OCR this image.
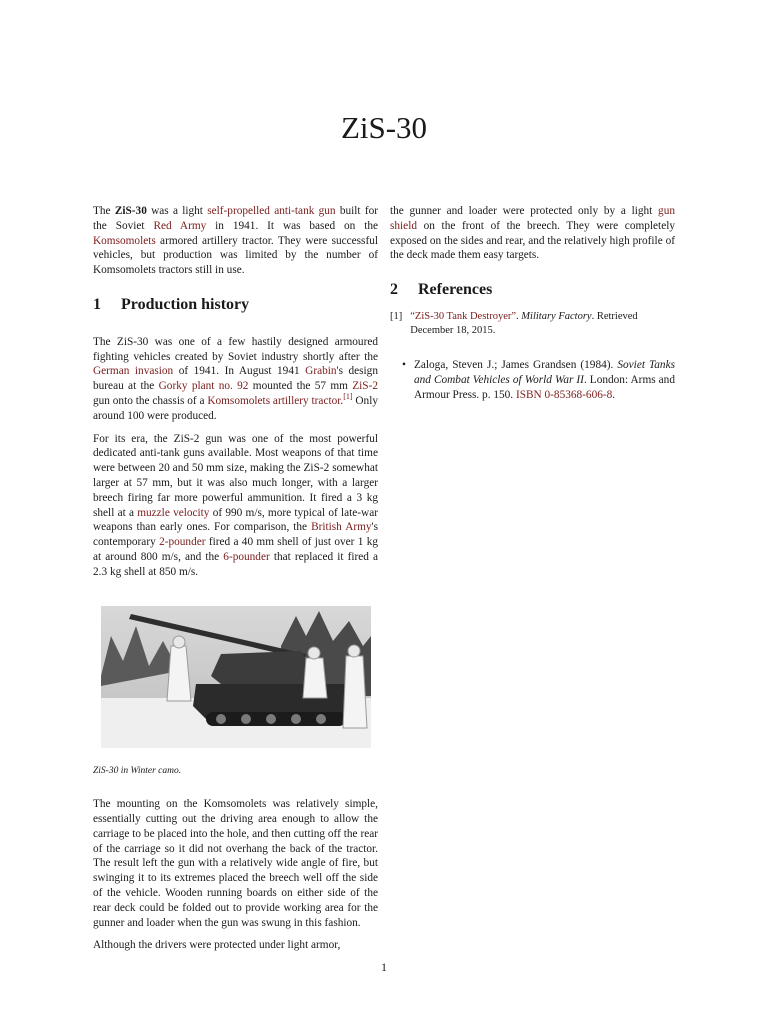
ZiS-30

The ZiS-30 was a light self-propelled anti-tank gun built for the Soviet Red Army in 1941. It was based on the Komsomolets armored artillery tractor. They were successful vehicles, but production was limited by the number of Komsomolets tractors still in use.

1 Production history

The ZiS-30 was one of a few hastily designed armoured fighting vehicles created by Soviet industry shortly after the German invasion of 1941. In August 1941 Grabin's design bureau at the Gorky plant no. 92 mounted the 57 mm ZiS-2 gun onto the chassis of a Komsomolets artillery tractor.[1] Only around 100 were produced.

For its era, the ZiS-2 gun was one of the most powerful dedicated anti-tank guns available. Most weapons of that time were between 20 and 50 mm size, making the ZiS-2 somewhat larger at 57 mm, but it was also much longer, with a larger breech firing far more powerful ammunition. It fired a 3 kg shell at a muzzle velocity of 990 m/s, more typical of late-war weapons than early ones. For comparison, the British Army's contemporary 2-pounder fired a 40 mm shell of just over 1 kg at around 800 m/s, and the 6-pounder that replaced it fired a 2.3 kg shell at 850 m/s.

ZiS-30 in Winter camo.

The mounting on the Komsomolets was relatively simple, essentially cutting out the driving area enough to allow the carriage to be placed into the hole, and then cutting off the rear of the carriage so it did not overhang the back of the tractor. The result left the gun with a relatively wide angle of fire, but swinging it to its extremes placed the breech well off the side of the vehicle. Wooden running boards on either side of the rear deck could be folded out to provide working area for the gunner and loader when the gun was swung in this fashion.

Although the drivers were protected under light armor,

the gunner and loader were protected only by a light gun shield on the front of the breech. They were completely exposed on the sides and rear, and the relatively high profile of the deck made them easy targets.

2 References
[1] “ZiS-30 Tank Destroyer”. Military Factory. Retrieved December 18, 2015.
• Zaloga, Steven J.; James Grandsen (1984). Soviet Tanks and Combat Vehicles of World War II. London: Arms and Armour Press. p. 150. ISBN 0-85368-606-8.
1
